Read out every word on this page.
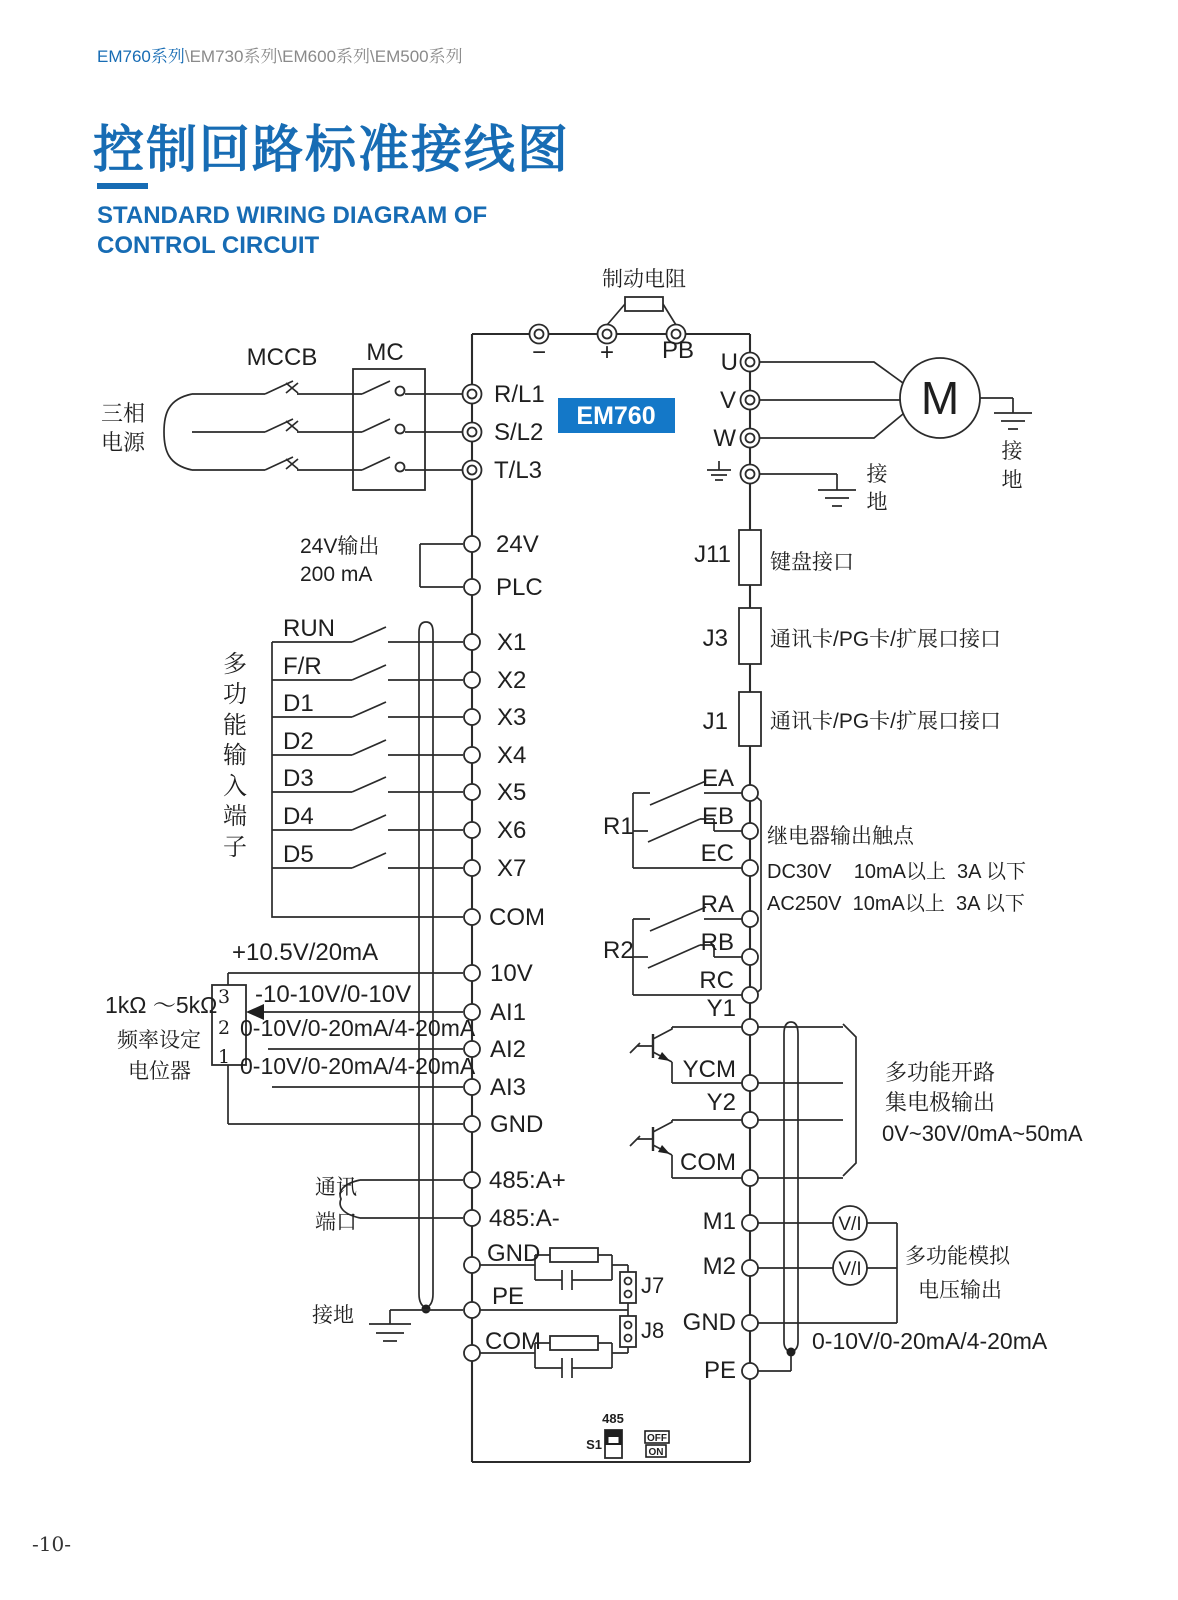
EM760系列\EM730系列\EM600系列\EM500系列
控制回路标准接线图
STANDARD WIRING DIAGRAM OF
CONTROL CIRCUIT
-10-
EM760
制动电阻
− + PB
MCCB MC
三相
电源
R/L1
S/L2
T/L3
U
V
W
M
接
地
接
地
24V输出
200 mA
24V
PLC
多
功
能
输
入
端
子
RUN
F/R
D1
D2
D3
D4
D5
X1
X2
X3
X4
X5
X6
X7
COM
+10.5V/20mA
10V
-10-10V/0-10V
AI1
0-10V/0-20mA/4-20mA
AI2
0-10V/0-20mA/4-20mA
AI3
GND
1kΩ ～5kΩ
频率设定
电位器
3
2
1
通讯
端口
485:A+
485:A-
GND
PE
COM
J7
J8
接地
J11 键盘接口
J3 通讯卡/PG卡/扩展口接口
J1 通讯卡/PG卡/扩展口接口
R1
EA
EB
EC
R2
RA
RB
RC
继电器输出触点
DC30V    10mA以上  3A 以下
AC250V  10mA以上  3A 以下
Y1
YCM
Y2
COM
多功能开路
集电极输出
0V~30V/0mA~50mA
M1
M2
V/I
V/I
多功能模拟
电压输出
0-10V/0-20mA/4-20mA
GND
PE
485
S1	OFF
ON
